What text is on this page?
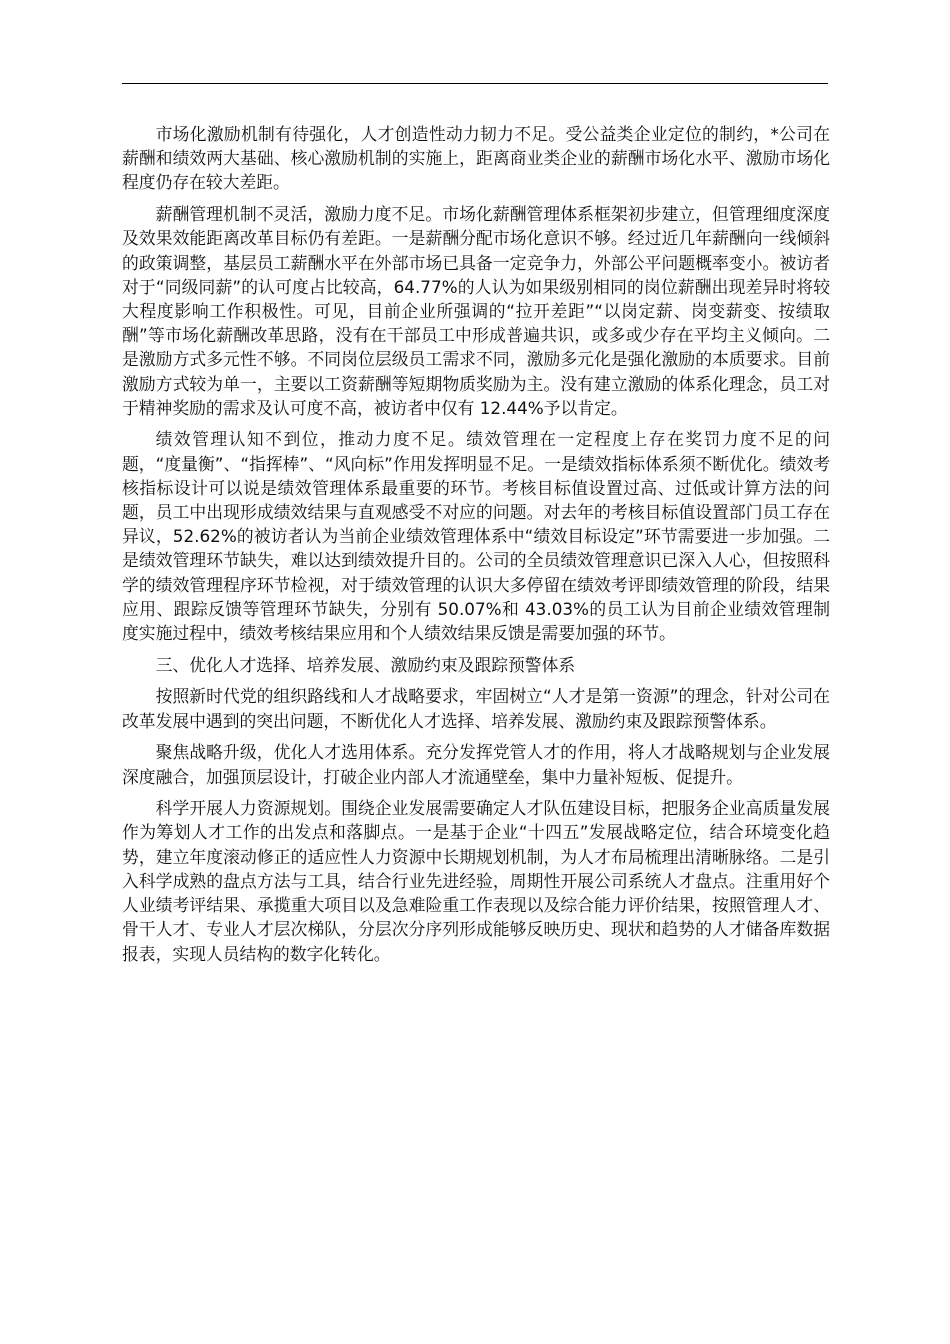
市场化激励机制有待强化，人才创造性动力韧力不足。受公益类企业定位的制约，*公司在薪酬和绩效两大基础、核心激励机制的实施上，距离商业类企业的薪酬市场化水平、激励市场化程度仍存在较大差距。

薪酬管理机制不灵活，激励力度不足。市场化薪酬管理体系框架初步建立，但管理细度深度及效果效能距离改革目标仍有差距。一是薪酬分配市场化意识不够。经过近几年薪酬向一线倾斜的政策调整，基层员工薪酬水平在外部市场已具备一定竞争力，外部公平问题概率变小。被访者对于“同级同薪”的认可度占比较高，64.77%的人认为如果级别相同的岗位薪酬出现差异时将较大程度影响工作积极性。可见，目前企业所强调的“拉开差距”“以岗定薪、岗变薪变、按绩取酬”等市场化薪酬改革思路，没有在干部员工中形成普遍共识，或多或少存在平均主义倾向。二是激励方式多元性不够。不同岗位层级员工需求不同，激励多元化是强化激励的本质要求。目前激励方式较为单一，主要以工资薪酬等短期物质奖励为主。没有建立激励的体系化理念，员工对于精神奖励的需求及认可度不高，被访者中仅有 12.44%予以肯定。

绩效管理认知不到位，推动力度不足。绩效管理在一定程度上存在奖罚力度不足的问题，“度量衡”、“指挥棒”、“风向标”作用发挥明显不足。一是绩效指标体系须不断优化。绩效考核指标设计可以说是绩效管理体系最重要的环节。考核目标值设置过高、过低或计算方法的问题，员工中出现形成绩效结果与直观感受不对应的问题。对去年的考核目标值设置部门员工存在异议，52.62%的被访者认为当前企业绩效管理体系中“绩效目标设定”环节需要进一步加强。二是绩效管理环节缺失，难以达到绩效提升目的。公司的全员绩效管理意识已深入人心，但按照科学的绩效管理程序环节检视，对于绩效管理的认识大多停留在绩效考评即绩效管理的阶段，结果应用、跟踪反馈等管理环节缺失，分别有 50.07%和 43.03%的员工认为目前企业绩效管理制度实施过程中，绩效考核结果应用和个人绩效结果反馈是需要加强的环节。

三、优化人才选择、培养发展、激励约束及跟踪预警体系

按照新时代党的组织路线和人才战略要求，牢固树立“人才是第一资源”的理念，针对公司在改革发展中遇到的突出问题，不断优化人才选择、培养发展、激励约束及跟踪预警体系。

聚焦战略升级，优化人才选用体系。充分发挥党管人才的作用，将人才战略规划与企业发展深度融合，加强顶层设计，打破企业内部人才流通壁垒，集中力量补短板、促提升。

科学开展人力资源规划。围绕企业发展需要确定人才队伍建设目标，把服务企业高质量发展作为筹划人才工作的出发点和落脚点。一是基于企业“十四五”发展战略定位，结合环境变化趋势，建立年度滚动修正的适应性人力资源中长期规划机制，为人才布局梳理出清晰脉络。二是引入科学成熟的盘点方法与工具，结合行业先进经验，周期性开展公司系统人才盘点。注重用好个人业绩考评结果、承揽重大项目以及急难险重工作表现以及综合能力评价结果，按照管理人才、骨干人才、专业人才层次梯队，分层次分序列形成能够反映历史、现状和趋势的人才储备库数据报表，实现人员结构的数字化转化。
